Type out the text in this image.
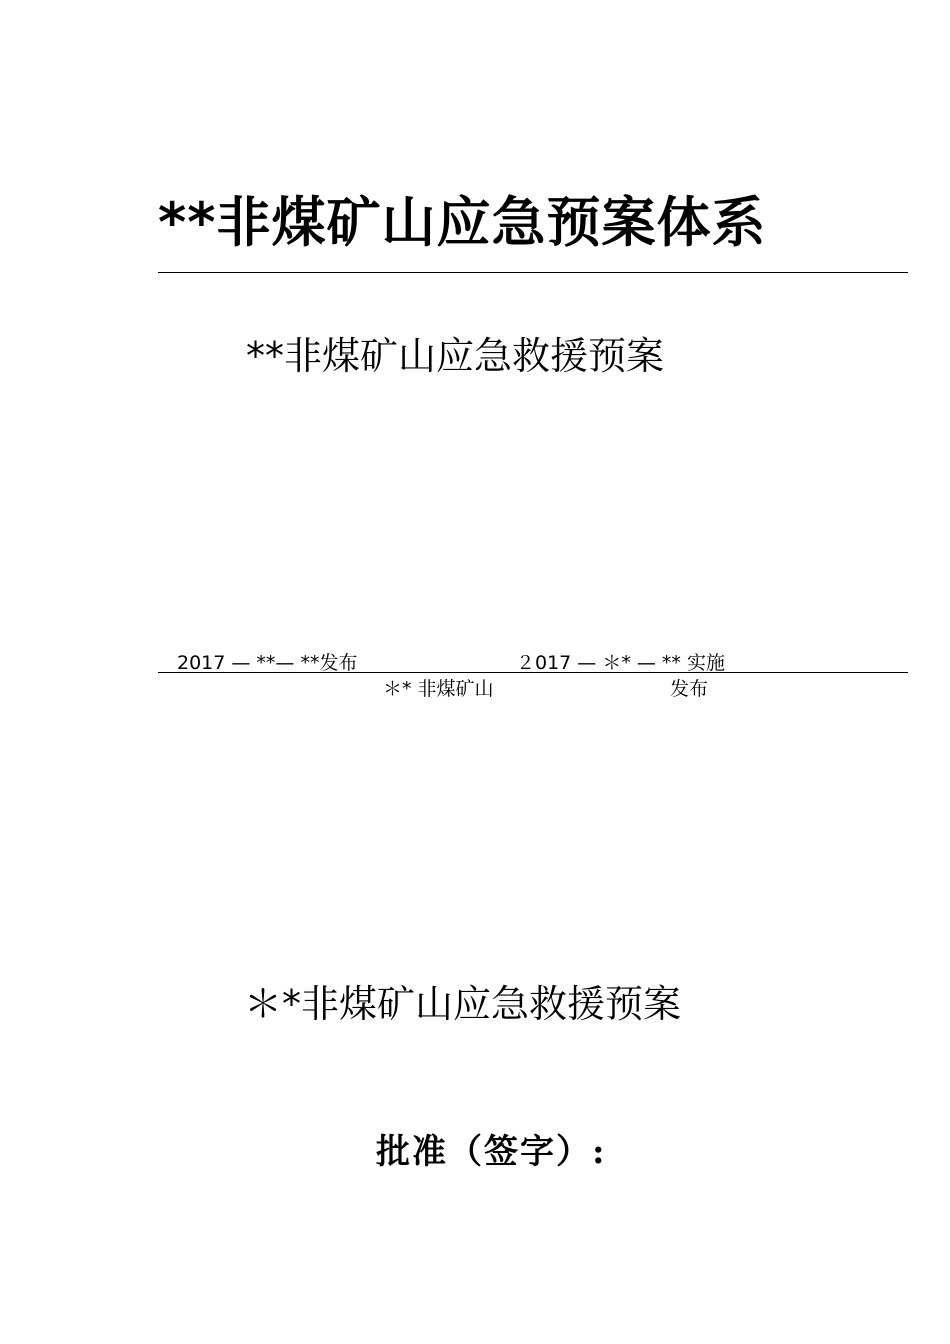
**非煤矿山应急预案体系
**非煤矿山应急救援预案
2017 — **— **发布	２017 — ＊* — ** 实施
＊* 非煤矿山	发布
＊*非煤矿山应急救援预案
批准（签字）:
